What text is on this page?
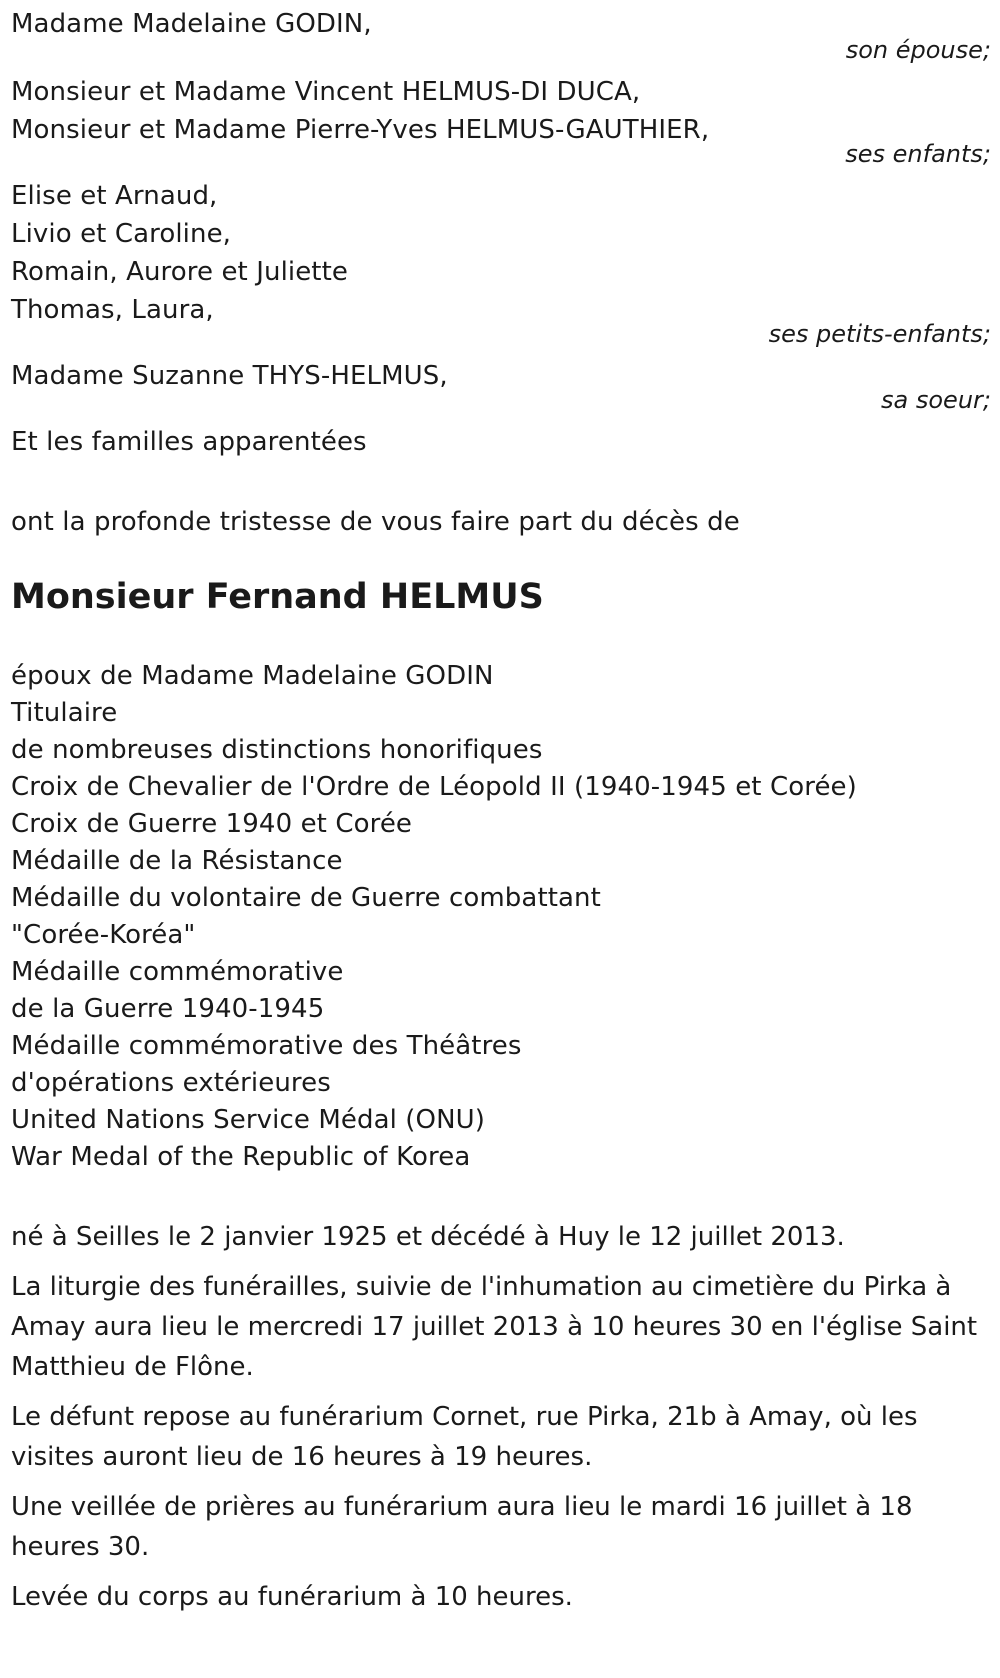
Madame Madelaine GODIN,
son épouse;
Monsieur et Madame Vincent HELMUS-DI DUCA,
Monsieur et Madame Pierre-Yves HELMUS-GAUTHIER,
ses enfants;
Elise et Arnaud,
Livio et Caroline,
Romain, Aurore et Juliette
Thomas, Laura,
ses petits-enfants;
Madame Suzanne THYS-HELMUS,
sa soeur;
Et les familles apparentées
ont la profonde tristesse de vous faire part du décès de
Monsieur Fernand HELMUS
époux de Madame Madelaine GODIN
Titulaire
de nombreuses distinctions honorifiques
Croix de Chevalier de l'Ordre de Léopold II (1940-1945 et Corée)
Croix de Guerre 1940 et Corée
Médaille de la Résistance
Médaille du volontaire de Guerre combattant
"Corée-Koréa"
Médaille commémorative
de la Guerre 1940-1945
Médaille commémorative des Théâtres
d'opérations extérieures
United Nations Service Médal (ONU)
War Medal of the Republic of Korea
né à Seilles le 2 janvier 1925 et décédé à Huy le 12 juillet 2013.
La liturgie des funérailles, suivie de l'inhumation au cimetière du Pirka à Amay aura lieu le mercredi 17 juillet 2013 à 10 heures 30 en l'église Saint Matthieu de Flône.
Le défunt repose au funérarium Cornet, rue Pirka, 21b à Amay, où les visites auront lieu de 16 heures à 19 heures.
Une veillée de prières au funérarium aura lieu le mardi 16 juillet à 18 heures 30.
Levée du corps au funérarium à 10 heures.
